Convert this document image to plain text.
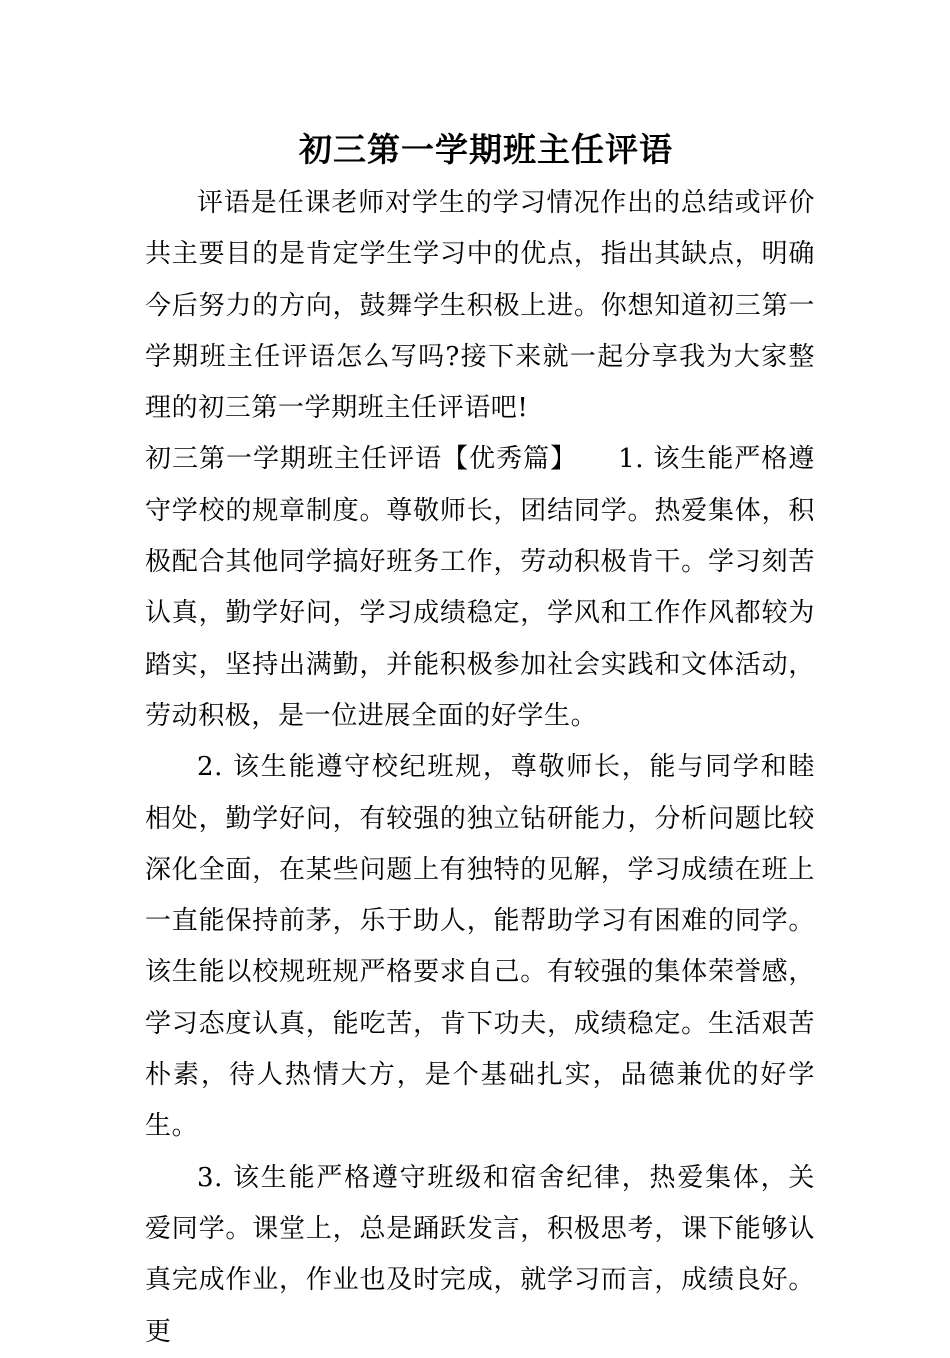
初三第一学期班主任评语

评语是任课老师对学生的学习情况作出的总结或评价共主要目的是肯定学生学习中的优点，指出其缺点，明确今后努力的方向，鼓舞学生积极上进。你想知道初三第一学期班主任评语怎么写吗?接下来就一起分享我为大家整理的初三第一学期班主任评语吧!

初三第一学期班主任评语【优秀篇】　　1. 该生能严格遵守学校的规章制度。尊敬师长，团结同学。热爱集体，积极配合其他同学搞好班务工作，劳动积极肯干。学习刻苦认真，勤学好问，学习成绩稳定，学风和工作作风都较为踏实，坚持出满勤，并能积极参加社会实践和文体活动，劳动积极，是一位进展全面的好学生。

2. 该生能遵守校纪班规，尊敬师长，能与同学和睦相处，勤学好问，有较强的独立钻研能力，分析问题比较深化全面，在某些问题上有独特的见解，学习成绩在班上一直能保持前茅，乐于助人，能帮助学习有困难的同学。该生能以校规班规严格要求自己。有较强的集体荣誉感，学习态度认真，能吃苦，肯下功夫，成绩稳定。生活艰苦朴素，待人热情大方，是个基础扎实，品德兼优的好学生。

3. 该生能严格遵守班级和宿舍纪律，热爱集体，关爱同学。课堂上，总是踊跃发言，积极思考，课下能够认真完成作业，作业也及时完成，就学习而言，成绩良好。更
